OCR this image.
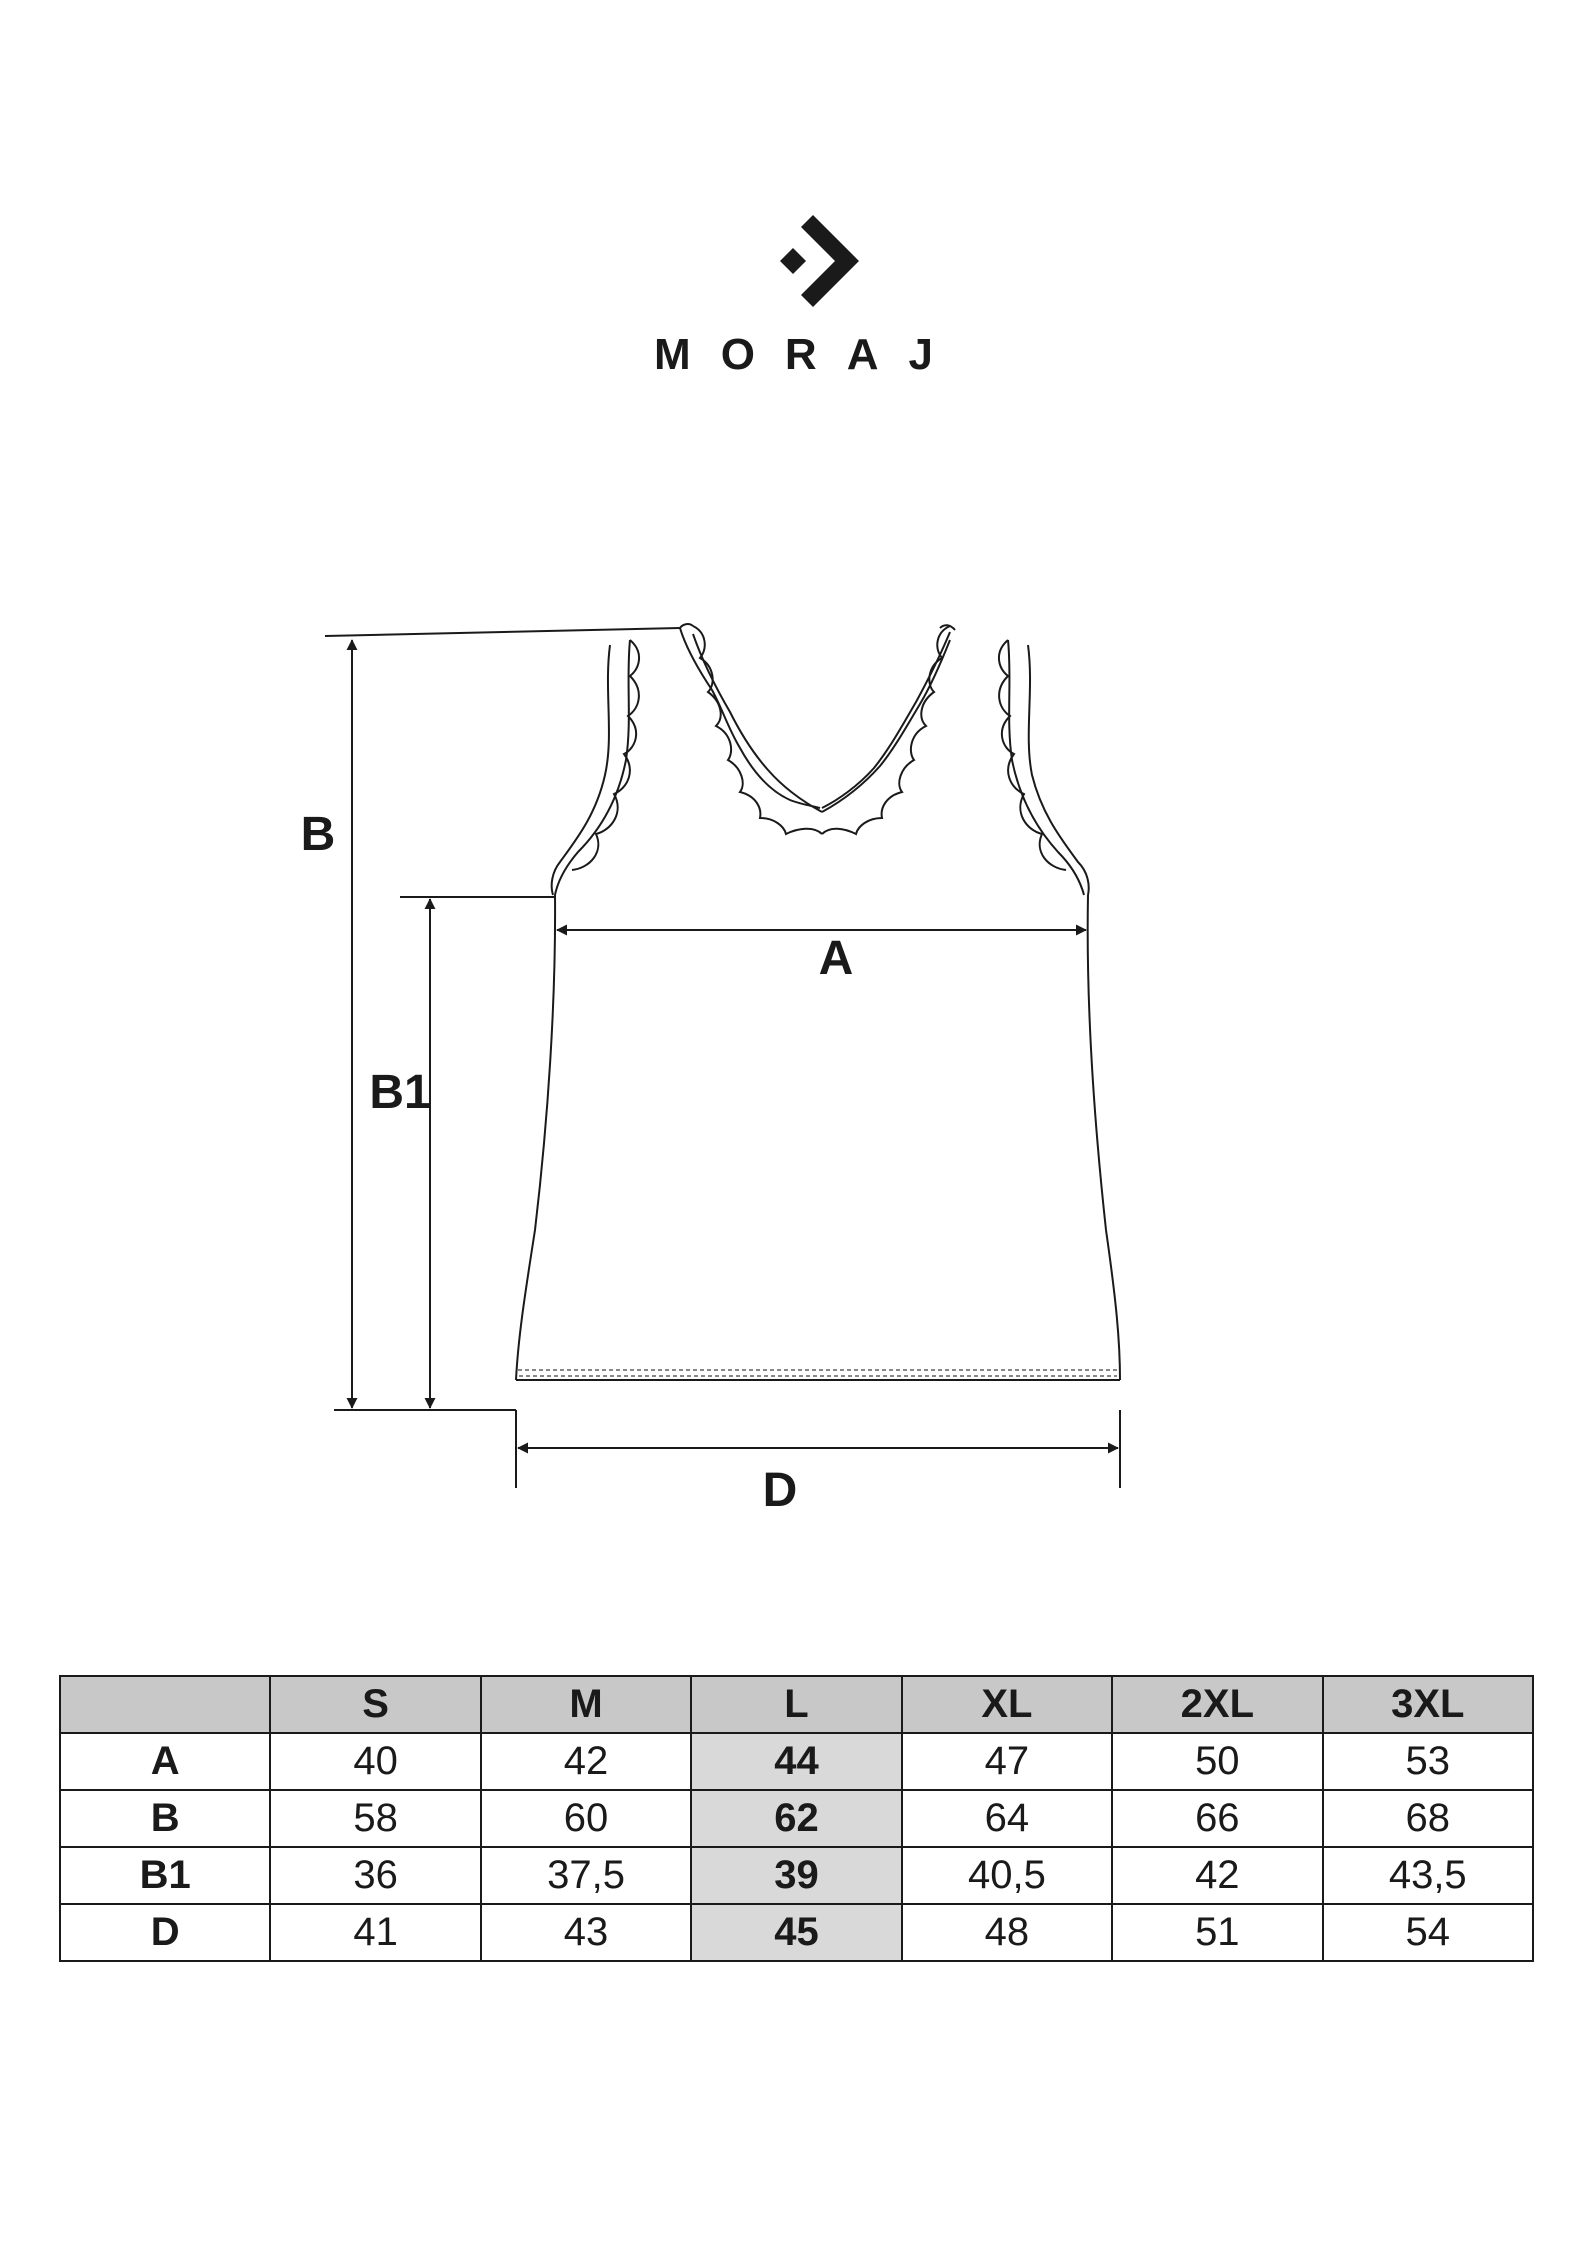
MORAJ
B
B1
A
D
	S	M	L	XL	2XL	3XL
A	40	42	44	47	50	53
B	58	60	62	64	66	68
B1	36	37,5	39	40,5	42	43,5
D	41	43	45	48	51	54
